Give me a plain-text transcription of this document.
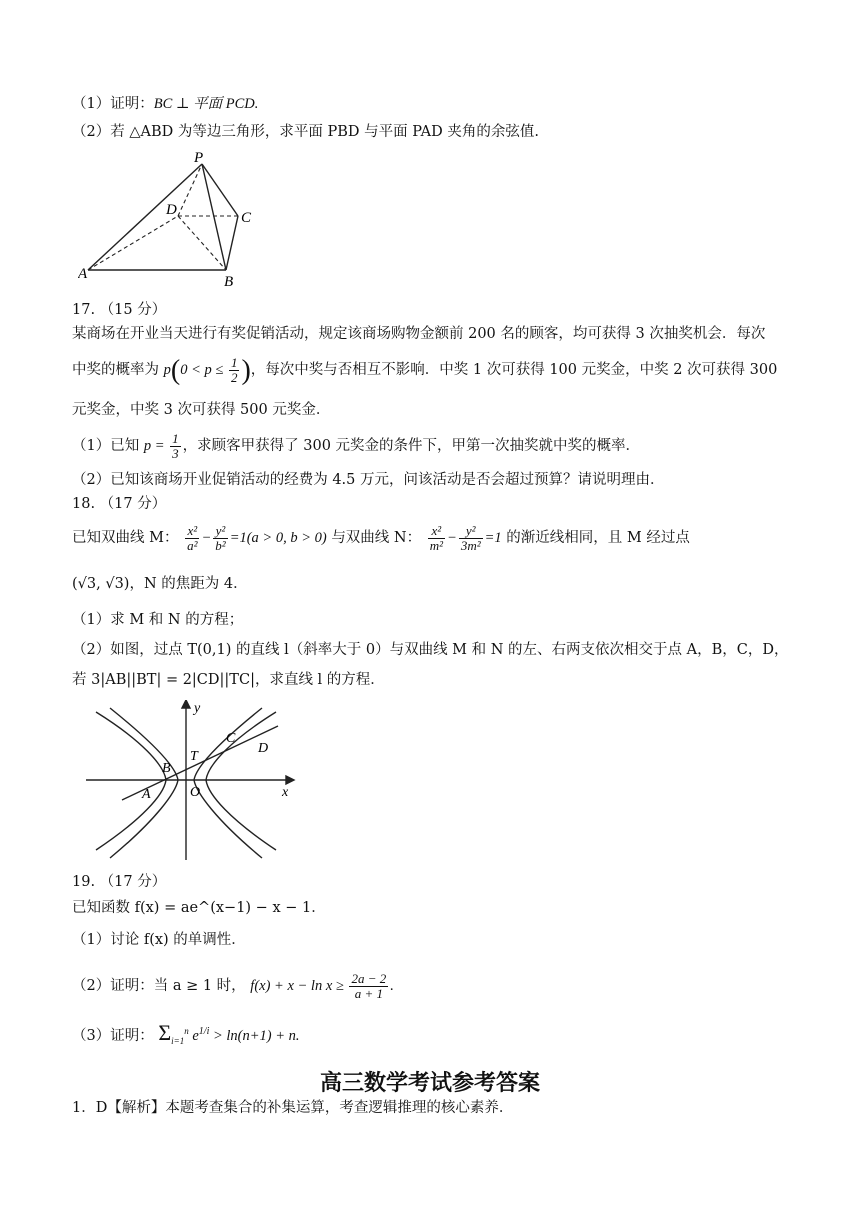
（1）证明：BC ⊥ 平面 PCD.
（2）若 △ABD 为等边三角形，求平面 PBD 与平面 PAD 夹角的余弦值.
P
D	C
A	B
17. （15 分）
某商场在开业当天进行有奖促销活动，规定该商场购物金额前 200 名的顾客，均可获得 3 次抽奖机会．每次
中奖的概率为 $p(0 < p \le \frac{1}{2}$ )，每次中奖与否相互不影响．中奖 1 次可获得 100 元奖金，中奖 2 次可获得 300
元奖金，中奖 3 次可获得 500 元奖金．
（1）已知 $p = \frac{1}{3}$ ，求顾客甲获得了 300 元奖金的条件下，甲第一次抽奖就中奖的概率．
（2）已知该商场开业促销活动的经费为 4.5 万元，问该活动是否会超过预算？请说明理由．
18. （17 分）
已知双曲线 M： $\frac{\text{x²}}{\text{a²}} - \frac{\text{y²}}{\text{b²}} =1(a > 0$, b > 0) 与双曲线 N： $\frac{\text{x²}}{\text{m²}} - \frac{\text{y²}}{\text{3m²}} =1$ 的渐近线相同，且 M 经过点
(√3, √3)，N 的焦距为 4．
（1）求 M 和 N 的方程；
（2）如图，过点 T(0,1) 的直线 l（斜率大于 0）与双曲线 M 和 N 的左、右两支依次相交于点 A，B，C，D，
若 3|AB||BT| = 2|CD||TC|，求直线 l 的方程．
y
x
O
A
B
T
C
D
19. （17 分）
已知函数 f(x) = ae^(x−1) − x − 1．
（1）讨论 f(x) 的单调性．
（2）证明：当 a ≥ 1 时， $f(x) + x - \ln x \ge \frac{2a - 2}{a + 1}$ .
（3）证明： $\Sigma_{i=1}^n$ $e^{1/i} > \ln(n+1) + n$.
高三数学考试参考答案
1．D【解析】本题考查集合的补集运算，考查逻辑推理的核心素养．
